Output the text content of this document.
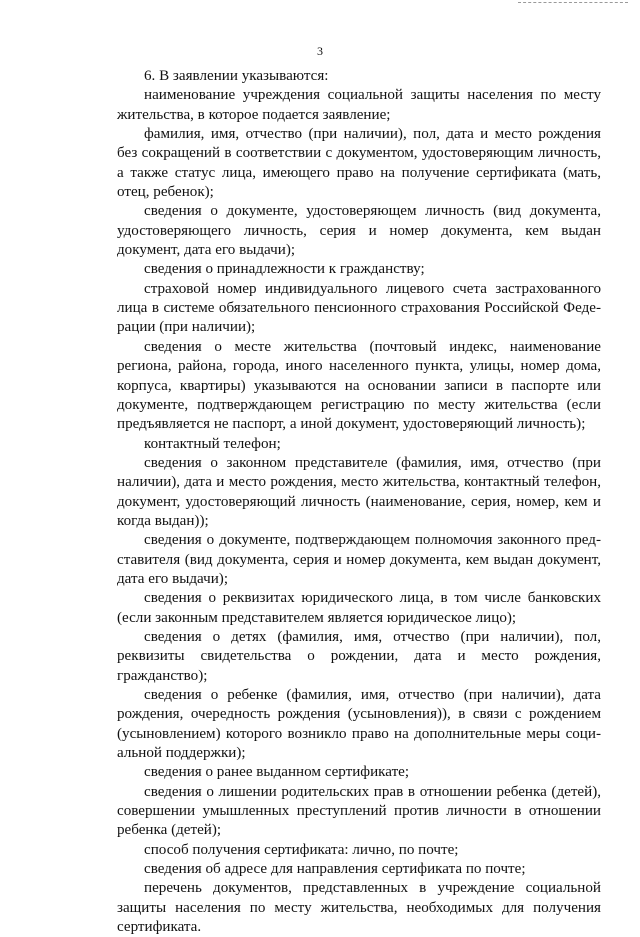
3

6. В заявлении указываются:

наименование учреждения социальной защиты населения по месту жительства, в которое подается заявление;

фамилия, имя, отчество (при наличии), пол, дата и место рождения без сокращений в соответствии с документом, удостоверяющим личность, а также статус лица, имеющего право на получение сертификата (мать, отец, ребенок);

сведения о документе, удостоверяющем личность (вид документа, удостоверяющего личность, серия и номер документа, кем выдан документ, дата его выдачи);

сведения о принадлежности к гражданству;

страховой номер индивидуального лицевого счета застрахованного лица в системе обязательного пенсионного страхования Российской Федерации (при наличии);

сведения о месте жительства (почтовый индекс, наименование региона, района, города, иного населенного пункта, улицы, номер дома, корпуса, квартиры) указываются на основании записи в паспорте или документе, подтверждающем регистрацию по месту жительства (если предъявляется не паспорт, а иной документ, удостоверяющий личность);

контактный телефон;

сведения о законном представителе (фамилия, имя, отчество (при наличии), дата и место рождения, место жительства, контактный телефон, документ, удостоверяющий личность (наименование, серия, номер, кем и когда выдан));

сведения о документе, подтверждающем полномочия законного представителя (вид документа, серия и номер документа, кем выдан документ, дата его выдачи);

сведения о реквизитах юридического лица, в том числе банковских (если законным представителем является юридическое лицо);

сведения о детях (фамилия, имя, отчество (при наличии), пол, реквизиты свидетельства о рождении, дата и место рождения, гражданство);

сведения о ребенке (фамилия, имя, отчество (при наличии), дата рождения, очередность рождения (усыновления)), в связи с рождением (усыновлением) которого возникло право на дополнительные меры социальной поддержки);

сведения о ранее выданном сертификате;

сведения о лишении родительских прав в отношении ребенка (детей), совершении умышленных преступлений против личности в отношении ребенка (детей);

способ получения сертификата: лично, по почте;

сведения об адресе для направления сертификата по почте;

перечень документов, представленных в учреждение социальной защиты населения по месту жительства, необходимых для получения сертификата.
